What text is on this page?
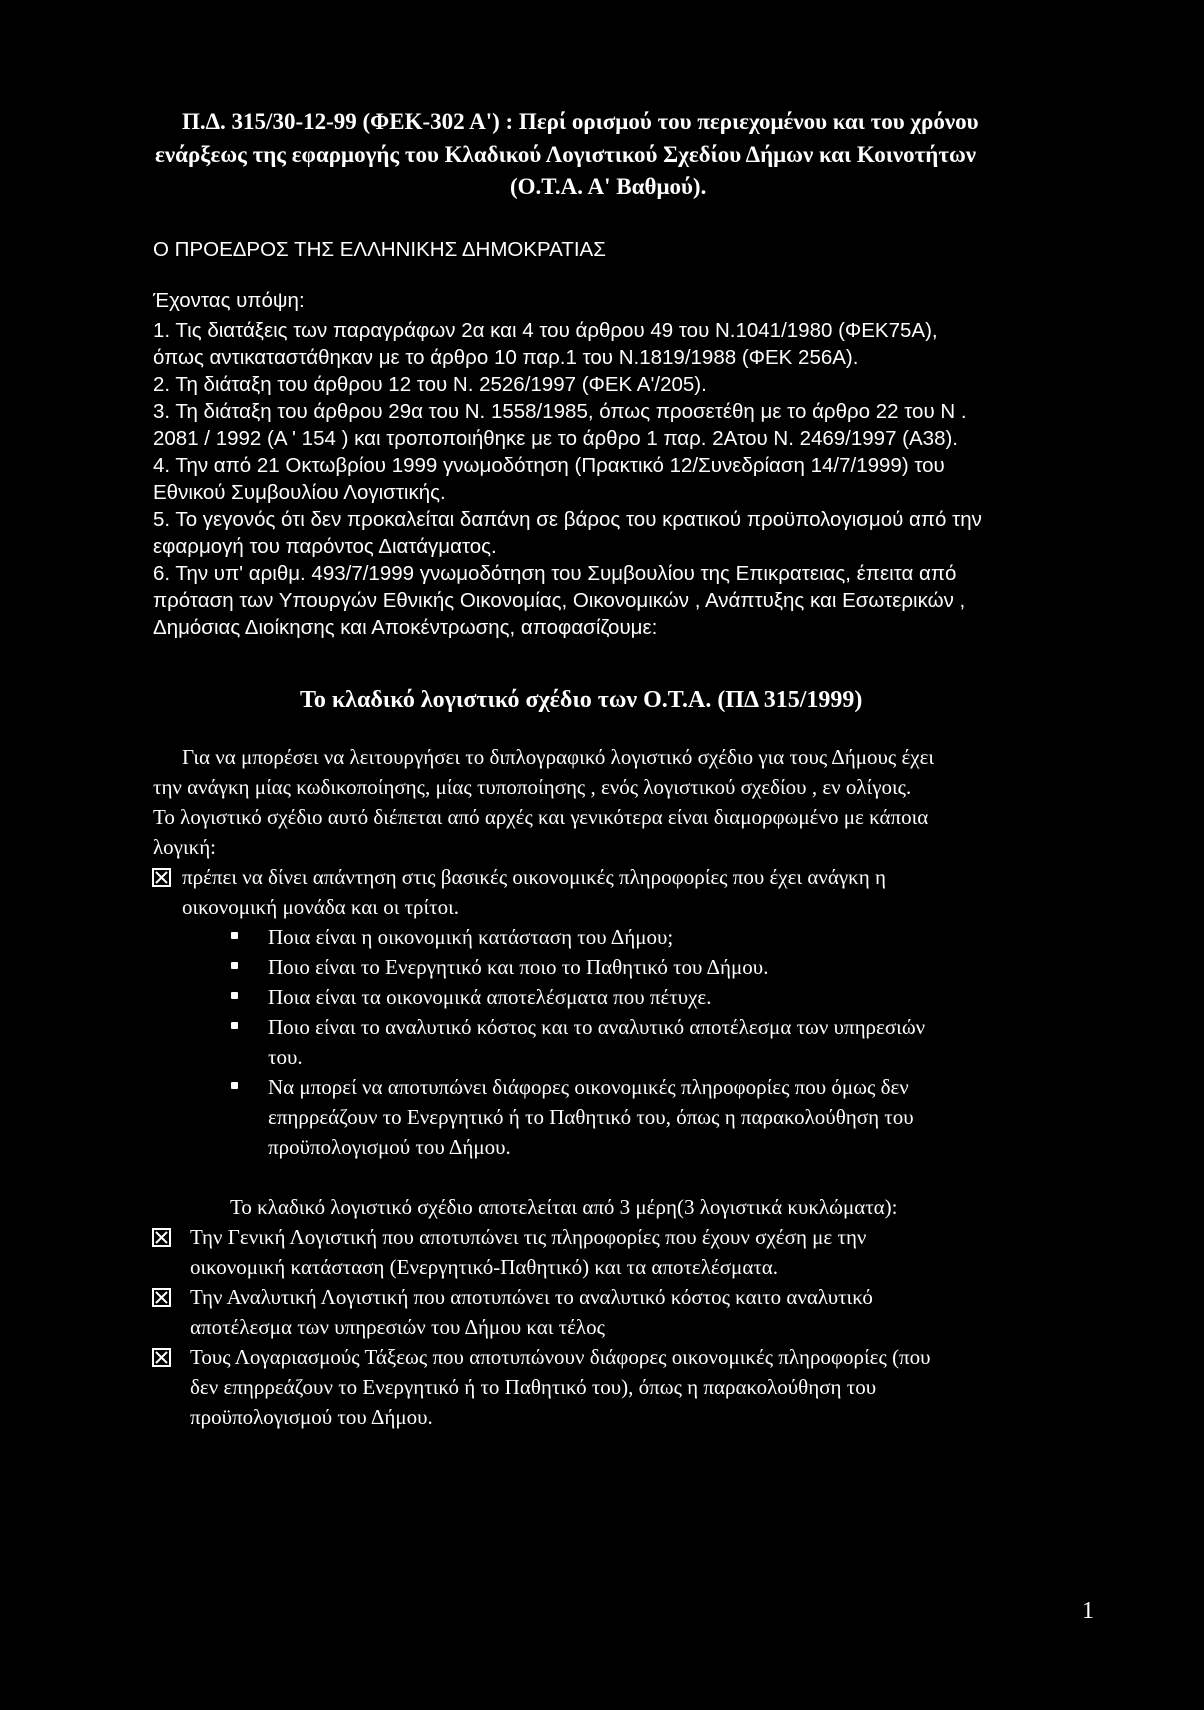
Π.Δ. 315/30-12-99 (ΦΕΚ-302 Α') : Περί ορισμού του περιεχομένου και του χρόνου
ενάρξεως της εφαρμογής του Κλαδικού Λογιστικού Σχεδίου Δήμων και Κοινοτήτων
(Ο.Τ.Α. Α' Βαθμού).
Ο ΠΡΟΕΔΡΟΣ ΤΗΣ ΕΛΛΗΝΙΚΗΣ ΔΗΜΟΚΡΑΤΙΑΣ
Έχοντας υπόψη:
1. Τις διατάξεις των παραγράφων 2α και 4 του άρθρου 49 του Ν.1041/1980 (ΦΕΚ75Α),
όπως αντικαταστάθηκαν με το άρθρο 10 παρ.1 του Ν.1819/1988 (ΦΕΚ 256Α).
2. Τη διάταξη του άρθρου 12 του Ν. 2526/1997 (ΦΕΚ Α'/205).
3. Τη διάταξη του άρθρου 29α του Ν. 1558/1985, όπως προσετέθη με το άρθρο 22 του Ν .
2081 / 1992 (Α ' 154 ) και τροποποιήθηκε με το άρθρο 1 παρ. 2Ατου Ν. 2469/1997 (Α38).
4. Την από 21 Οκτωβρίου 1999 γνωμοδότηση (Πρακτικό 12/Συνεδρίαση 14/7/1999) του
Εθνικού Συμβουλίου Λογιστικής.
5. Το γεγονός ότι δεν προκαλείται δαπάνη σε βάρος του κρατικού προϋπολογισμού από την
εφαρμογή του παρόντος Διατάγματος.
6. Την υπ' αριθμ. 493/7/1999 γνωμοδότηση του Συμβουλίου της Επικρατειας, έπειτα από
πρόταση των Υπουργών Εθνικής Οικονομίας, Οικονομικών , Ανάπτυξης και Εσωτερικών ,
Δημόσιας Διοίκησης και Αποκέντρωσης, αποφασίζουμε:
Το κλαδικό λογιστικό σχέδιο των Ο.Τ.Α. (ΠΔ 315/1999)
Για να μπορέσει να λειτουργήσει το διπλογραφικό λογιστικό σχέδιο για τους Δήμους έχει
την ανάγκη μίας κωδικοποίησης, μίας τυποποίησης , ενός λογιστικού σχεδίου , εν ολίγοις.
Το λογιστικό σχέδιο αυτό διέπεται από αρχές και γενικότερα είναι διαμορφωμένο με κάποια
λογική:
πρέπει να δίνει απάντηση στις βασικές οικονομικές πληροφορίες που έχει ανάγκη η
οικονομική μονάδα και οι τρίτοι.
Ποια είναι η οικονομική κατάσταση του Δήμου;
Ποιο είναι το Ενεργητικό και ποιο το Παθητικό του Δήμου.
Ποια είναι τα οικονομικά αποτελέσματα που πέτυχε.
Ποιο είναι το αναλυτικό κόστος και το αναλυτικό αποτέλεσμα των υπηρεσιών
του.
Να μπορεί να αποτυπώνει διάφορες οικονομικές πληροφορίες που όμως δεν
επηρρεάζουν το Ενεργητικό ή το Παθητικό του, όπως η παρακολούθηση του
προϋπολογισμού του Δήμου.
Το κλαδικό λογιστικό σχέδιο αποτελείται από 3 μέρη(3 λογιστικά κυκλώματα):
Την Γενική Λογιστική που αποτυπώνει τις πληροφορίες που έχουν σχέση με την
οικονομική κατάσταση (Ενεργητικό-Παθητικό) και τα αποτελέσματα.
Την Αναλυτική Λογιστική που αποτυπώνει το αναλυτικό κόστος καιτο αναλυτικό
αποτέλεσμα των υπηρεσιών του Δήμου και τέλος
Τους Λογαριασμούς Τάξεως που αποτυπώνουν διάφορες οικονομικές πληροφορίες (που
δεν επηρρεάζουν το Ενεργητικό ή το Παθητικό του), όπως η παρακολούθηση του
προϋπολογισμού του Δήμου.
1
